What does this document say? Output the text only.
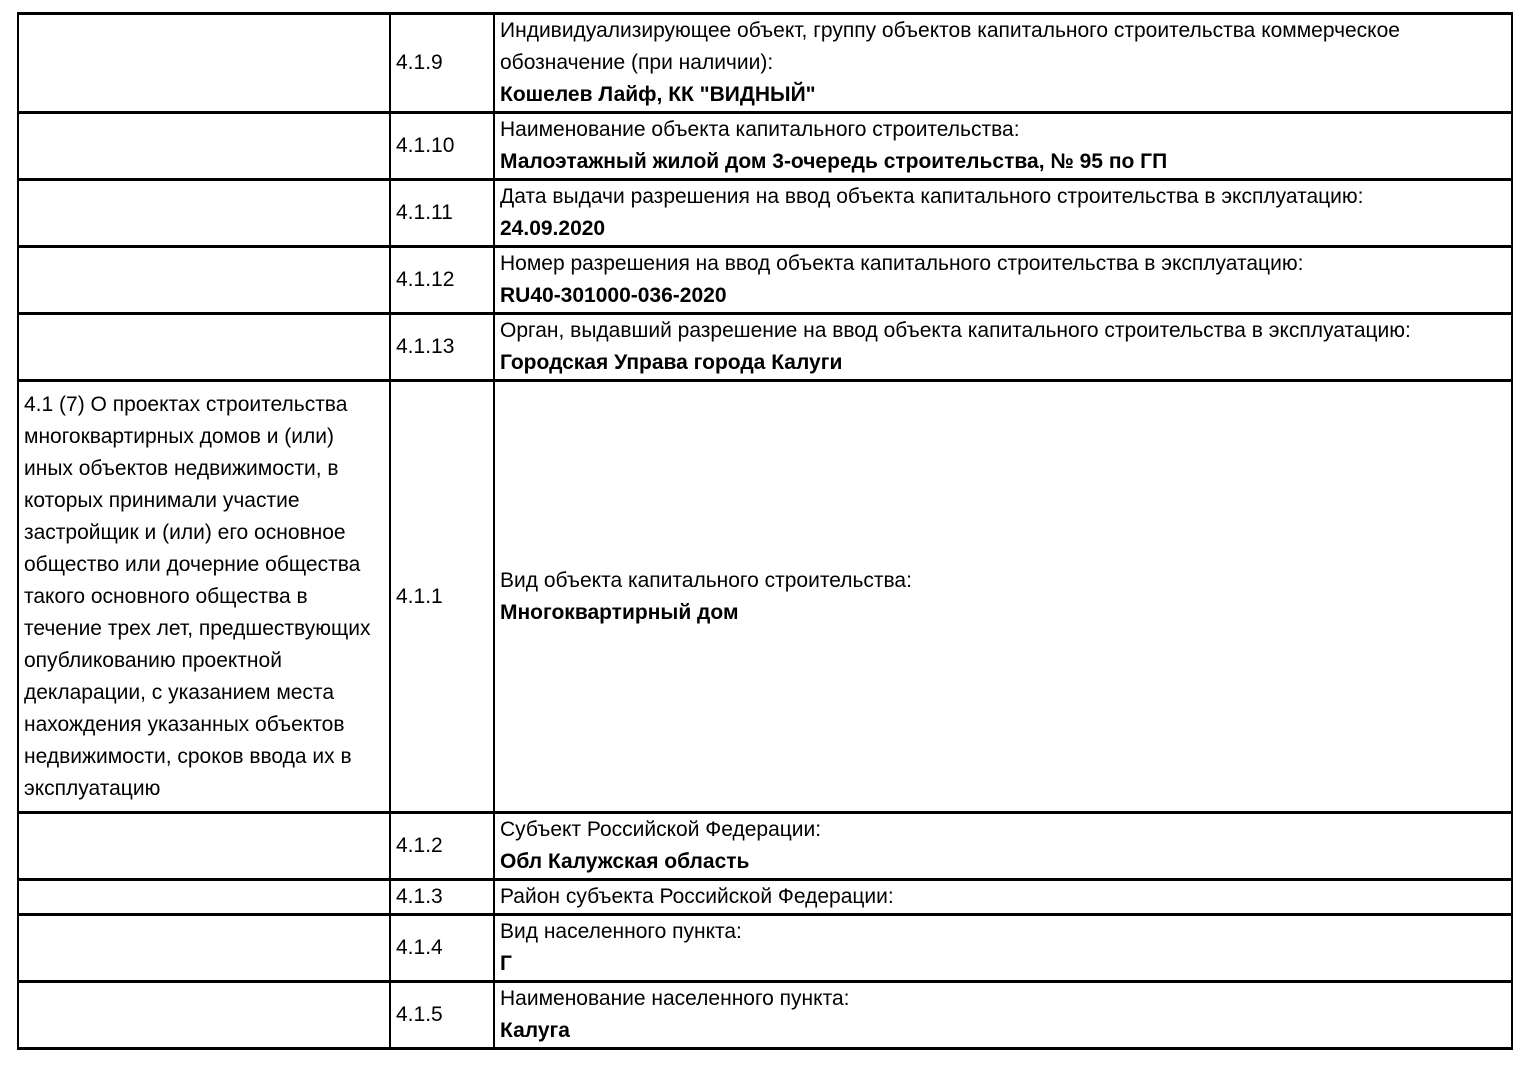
	4.1.9	Индивидуализирующее объект, группу объектов капитального строительства коммерческое обозначение (при наличии):
Кошелев Лайф, КК "ВИДНЫЙ"

	4.1.10	Наименование объекта капитального строительства:
Малоэтажный жилой дом 3-очередь строительства, № 95 по ГП

	4.1.11	Дата выдачи разрешения на ввод объекта капитального строительства в эксплуатацию:
24.09.2020

	4.1.12	Номер разрешения на ввод объекта капитального строительства в эксплуатацию:
RU40-301000-036-2020

	4.1.13	Орган, выдавший разрешение на ввод объекта капитального строительства в эксплуатацию:
Городская Управа города Калуги

4.1 (7) О проектах строительства многоквартирных домов и (или) иных объектов недвижимости, в которых принимали участие застройщик и (или) его основное общество или дочерние общества такого основного общества в течение трех лет, предшествующих опубликованию проектной декларации, с указанием места нахождения указанных объектов недвижимости, сроков ввода их в эксплуатацию	4.1.1	Вид объекта капитального строительства:
Многоквартирный дом

	4.1.2	Субъект Российской Федерации:
Обл Калужская область

	4.1.3	Район субъекта Российской Федерации:

	4.1.4	Вид населенного пункта:
Г

	4.1.5	Наименование населенного пункта:
Калуга
